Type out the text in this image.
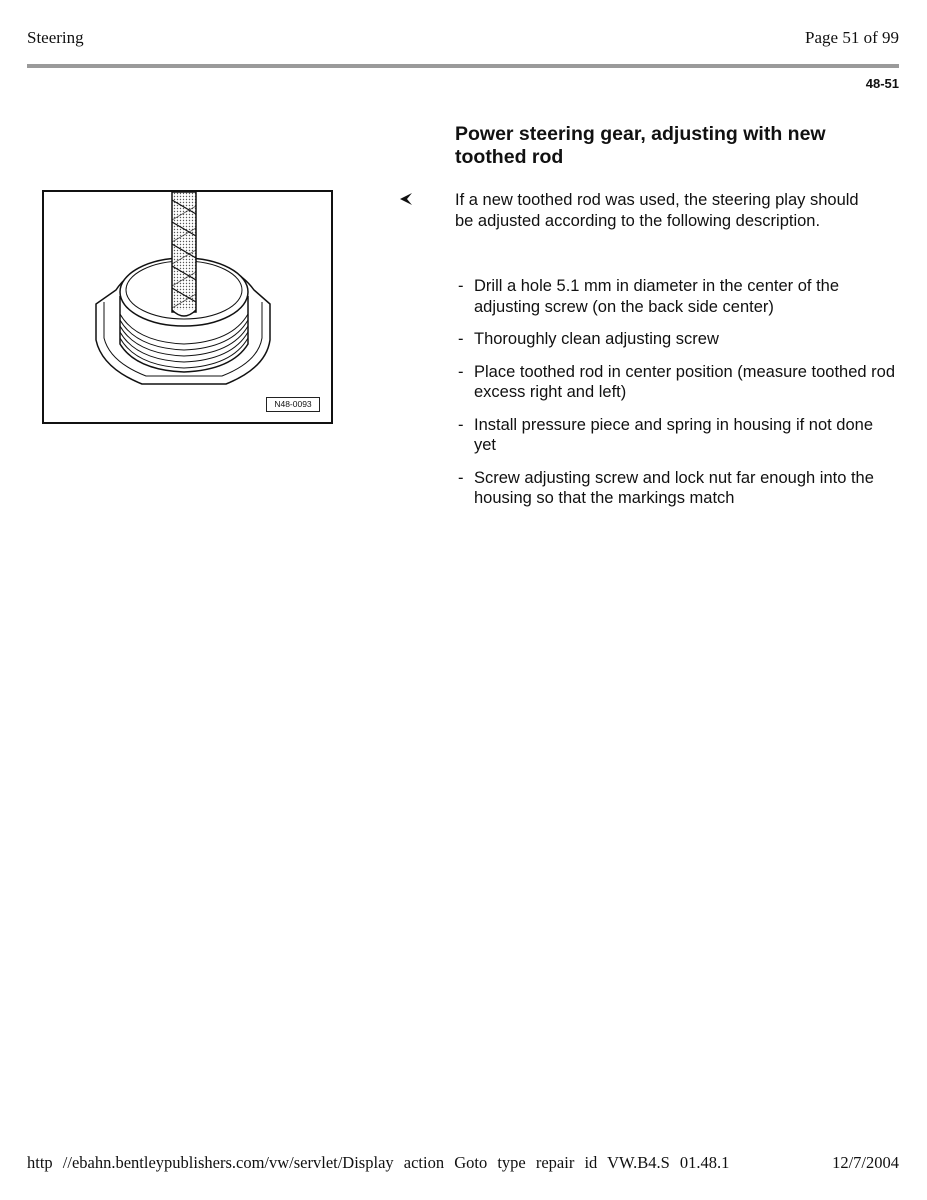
Steering	Page 51 of 99
48-51
N48-0093
Power steering gear, adjusting with new toothed rod
If a new toothed rod was used, the steering play should be adjusted according to the following description.
- Drill a hole 5.1 mm in diameter in the center of the adjusting screw (on the back side center)
- Thoroughly clean adjusting screw
- Place toothed rod in center position (measure toothed rod excess right and left)
- Install pressure piece and spring in housing if not done yet
- Screw adjusting screw and lock nut far enough into the housing so that the markings match
http //ebahn.bentleypublishers.com/vw/servlet/Display action Goto type repair id VW.B4.S 01.48.1	12/7/2004
